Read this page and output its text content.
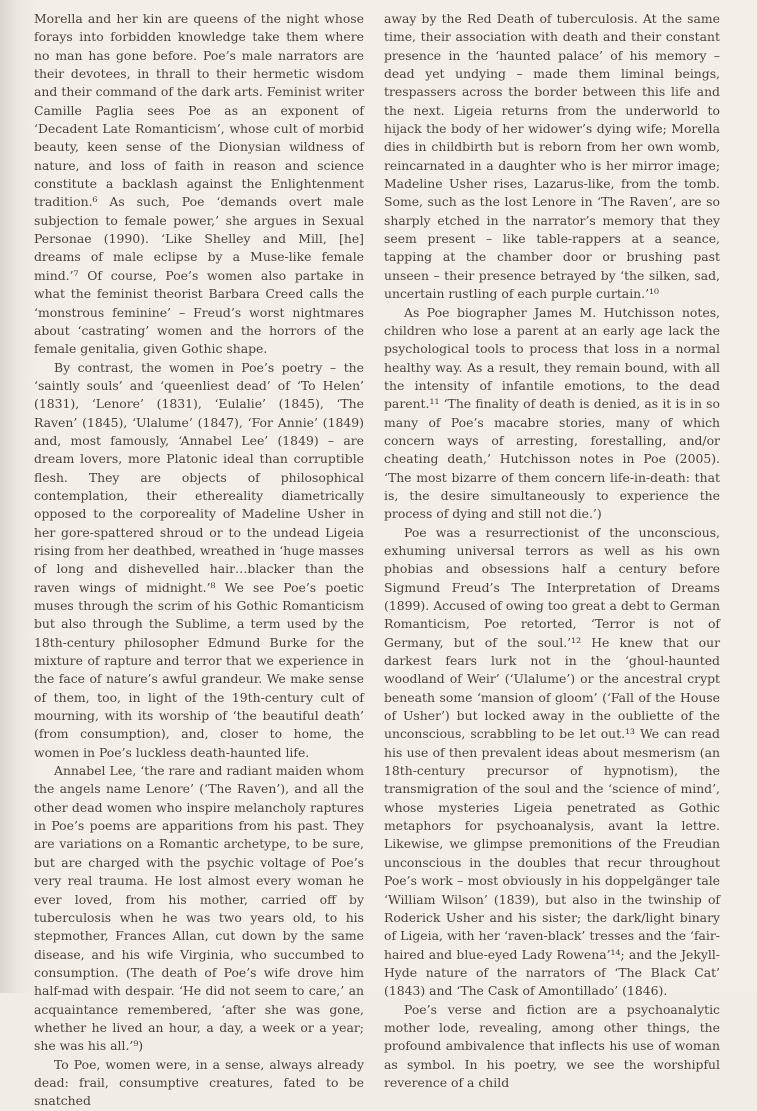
Morella and her kin are queens of the night whose forays into forbidden knowledge take them where no man has gone before. Poe’s male narrators are their devotees, in thrall to their hermetic wisdom and their command of the dark arts. Feminist writer Camille Paglia sees Poe as an exponent of ‘Decadent Late Romanticism’, whose cult of morbid beauty, keen sense of the Dionysian wildness of nature, and loss of faith in reason and science constitute a backlash against the Enlightenment tradition.⁶ As such, Poe ‘demands overt male subjection to female power,’ she argues in Sexual Personae (1990). ‘Like Shelley and Mill, [he] dreams of male eclipse by a Muse-like female mind.’⁷ Of course, Poe’s women also partake in what the feminist theorist Barbara Creed calls the ‘monstrous feminine’ – Freud’s worst nightmares about ‘castrating’ women and the horrors of the female genitalia, given Gothic shape.

By contrast, the women in Poe’s poetry – the ‘saintly souls’ and ‘queenliest dead’ of ‘To Helen’ (1831), ‘Lenore’ (1831), ‘Eulalie’ (1845), ‘The Raven’ (1845), ‘Ulalume’ (1847), ‘For Annie’ (1849) and, most famously, ‘Annabel Lee’ (1849) – are dream lovers, more Platonic ideal than corruptible flesh. They are objects of philosophical contemplation, their ethereality diametrically opposed to the corporeality of Madeline Usher in her gore-spattered shroud or to the undead Ligeia rising from her deathbed, wreathed in ‘huge masses of long and dishevelled hair…blacker than the raven wings of midnight.’⁸ We see Poe’s poetic muses through the scrim of his Gothic Romanticism but also through the Sublime, a term used by the 18th-century philosopher Edmund Burke for the mixture of rapture and terror that we experience in the face of nature’s awful grandeur. We make sense of them, too, in light of the 19th-century cult of mourning, with its worship of ‘the beautiful death’ (from consumption), and, closer to home, the women in Poe’s luckless death-haunted life.

Annabel Lee, ‘the rare and radiant maiden whom the angels name Lenore’ (‘The Raven’), and all the other dead women who inspire melancholy raptures in Poe’s poems are apparitions from his past. They are variations on a Romantic archetype, to be sure, but are charged with the psychic voltage of Poe’s very real trauma. He lost almost every woman he ever loved, from his mother, carried off by tuberculosis when he was two years old, to his stepmother, Frances Allan, cut down by the same disease, and his wife Virginia, who succumbed to consumption. (The death of Poe’s wife drove him half-mad with despair. ‘He did not seem to care,’ an acquaintance remembered, ‘after she was gone, whether he lived an hour, a day, a week or a year; she was his all.’⁹)

To Poe, women were, in a sense, always already dead: frail, consumptive creatures, fated to be snatched

away by the Red Death of tuberculosis. At the same time, their association with death and their constant presence in the ‘haunted palace’ of his memory – dead yet undying – made them liminal beings, trespassers across the border between this life and the next. Ligeia returns from the underworld to hijack the body of her widower’s dying wife; Morella dies in childbirth but is reborn from her own womb, reincarnated in a daughter who is her mirror image; Madeline Usher rises, Lazarus-like, from the tomb. Some, such as the lost Lenore in ‘The Raven’, are so sharply etched in the narrator’s memory that they seem present – like table-rappers at a seance, tapping at the chamber door or brushing past unseen – their presence betrayed by ‘the silken, sad, uncertain rustling of each purple curtain.’¹⁰

As Poe biographer James M. Hutchisson notes, children who lose a parent at an early age lack the psychological tools to process that loss in a normal healthy way. As a result, they remain bound, with all the intensity of infantile emotions, to the dead parent.¹¹ ‘The finality of death is denied, as it is in so many of Poe’s macabre stories, many of which concern ways of arresting, forestalling, and/or cheating death,’ Hutchisson notes in Poe (2005). ‘The most bizarre of them concern life-in-death: that is, the desire simultaneously to experience the process of dying and still not die.’)

Poe was a resurrectionist of the unconscious, exhuming universal terrors as well as his own phobias and obsessions half a century before Sigmund Freud’s The Interpretation of Dreams (1899). Accused of owing too great a debt to German Romanticism, Poe retorted, ‘Terror is not of Germany, but of the soul.’¹² He knew that our darkest fears lurk not in the ‘ghoul-haunted woodland of Weir’ (‘Ulalume’) or the ancestral crypt beneath some ‘mansion of gloom’ (‘Fall of the House of Usher’) but locked away in the oubliette of the unconscious, scrabbling to be let out.¹³ We can read his use of then prevalent ideas about mesmerism (an 18th-century precursor of hypnotism), the transmigration of the soul and the ‘science of mind’, whose mysteries Ligeia penetrated as Gothic metaphors for psychoanalysis, avant la lettre. Likewise, we glimpse premonitions of the Freudian unconscious in the doubles that recur throughout Poe’s work – most obviously in his doppelgänger tale ‘William Wilson’ (1839), but also in the twinship of Roderick Usher and his sister; the dark/light binary of Ligeia, with her ‘raven-black’ tresses and the ‘fair-haired and blue-eyed Lady Rowena’¹⁴; and the Jekyll-Hyde nature of the narrators of ‘The Black Cat’ (1843) and ‘The Cask of Amontillado’ (1846).

Poe’s verse and fiction are a psychoanalytic mother lode, revealing, among other things, the profound ambivalence that inflects his use of woman as symbol. In his poetry, we see the worshipful reverence of a child
